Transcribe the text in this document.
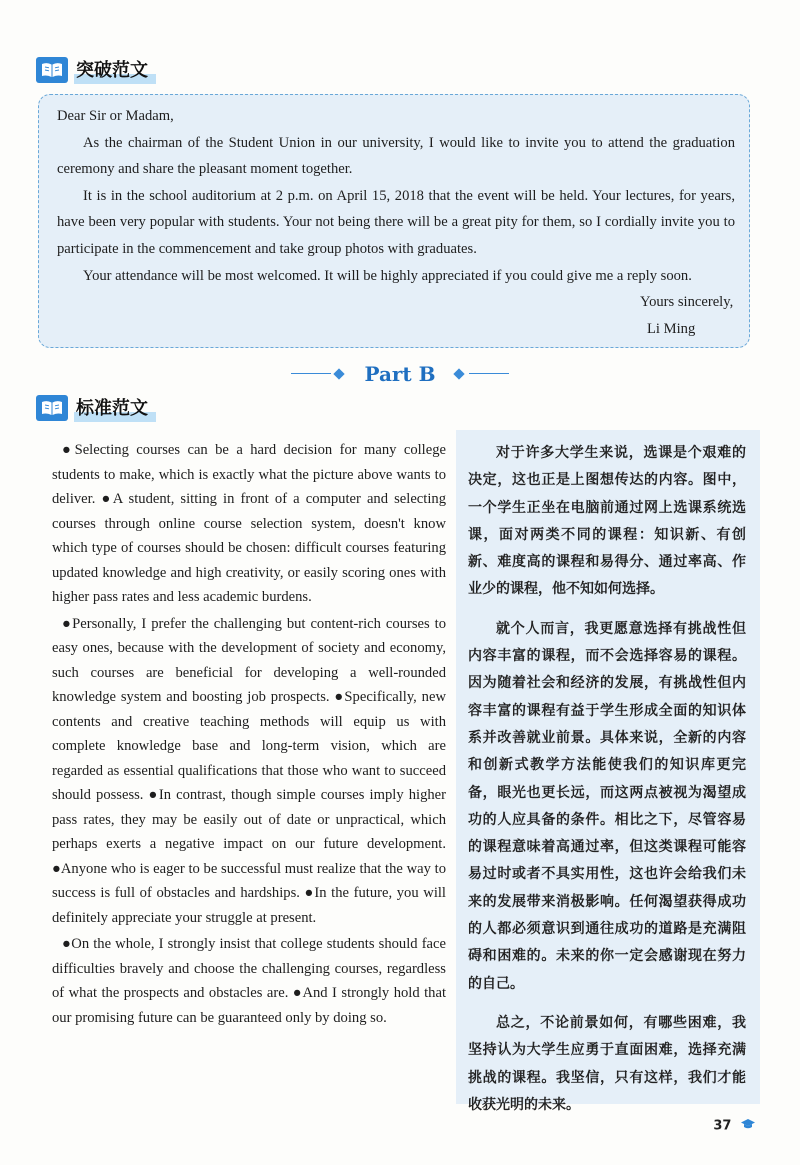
突破范文

Dear Sir or Madam,

As the chairman of the Student Union in our university, I would like to invite you to attend the graduation ceremony and share the pleasant moment together.

It is in the school auditorium at 2 p.m. on April 15, 2018 that the event will be held. Your lectures, for years, have been very popular with students. Your not being there will be a great pity for them, so I cordially invite you to participate in the commencement and take group photos with graduates.

Your attendance will be most welcomed. It will be highly appreciated if you could give me a reply soon.

Yours sincerely,

Li Ming

Part B
标准范文

●Selecting courses can be a hard decision for many college students to make, which is exactly what the picture above wants to deliver. ●A student, sitting in front of a computer and selecting courses through online course selection system, doesn't know which type of courses should be chosen: difficult courses featuring updated knowledge and high creativity, or easily scoring ones with higher pass rates and less academic burdens.

●Personally, I prefer the challenging but content-rich courses to easy ones, because with the development of society and economy, such courses are beneficial for developing a well-rounded knowledge system and boosting job prospects. ●Specifically, new contents and creative teaching methods will equip us with complete knowledge base and long-term vision, which are regarded as essential qualifications that those who want to succeed should possess. ●In contrast, though simple courses imply higher pass rates, they may be easily out of date or unpractical, which perhaps exerts a negative impact on our future development. ●Anyone who is eager to be successful must realize that the way to success is full of obstacles and hardships. ●In the future, you will definitely appreciate your struggle at present.

●On the whole, I strongly insist that college students should face difficulties bravely and choose the challenging courses, regardless of what the prospects and obstacles are. ●And I strongly hold that our promising future can be guaranteed only by doing so.

对于许多大学生来说，选课是个艰难的决定，这也正是上图想传达的内容。图中，一个学生正坐在电脑前通过网上选课系统选课，面对两类不同的课程：知识新、有创新、难度高的课程和易得分、通过率高、作业少的课程，他不知如何选择。

就个人而言，我更愿意选择有挑战性但内容丰富的课程，而不会选择容易的课程。因为随着社会和经济的发展，有挑战性但内容丰富的课程有益于学生形成全面的知识体系并改善就业前景。具体来说，全新的内容和创新式教学方法能使我们的知识库更完备，眼光也更长远，而这两点被视为渴望成功的人应具备的条件。相比之下，尽管容易的课程意味着高通过率，但这类课程可能容易过时或者不具实用性，这也许会给我们未来的发展带来消极影响。任何渴望获得成功的人都必须意识到通往成功的道路是充满阻碍和困难的。未来的你一定会感谢现在努力的自己。

总之，不论前景如何，有哪些困难，我坚持认为大学生应勇于直面困难，选择充满挑战的课程。我坚信，只有这样，我们才能收获光明的未来。

37
